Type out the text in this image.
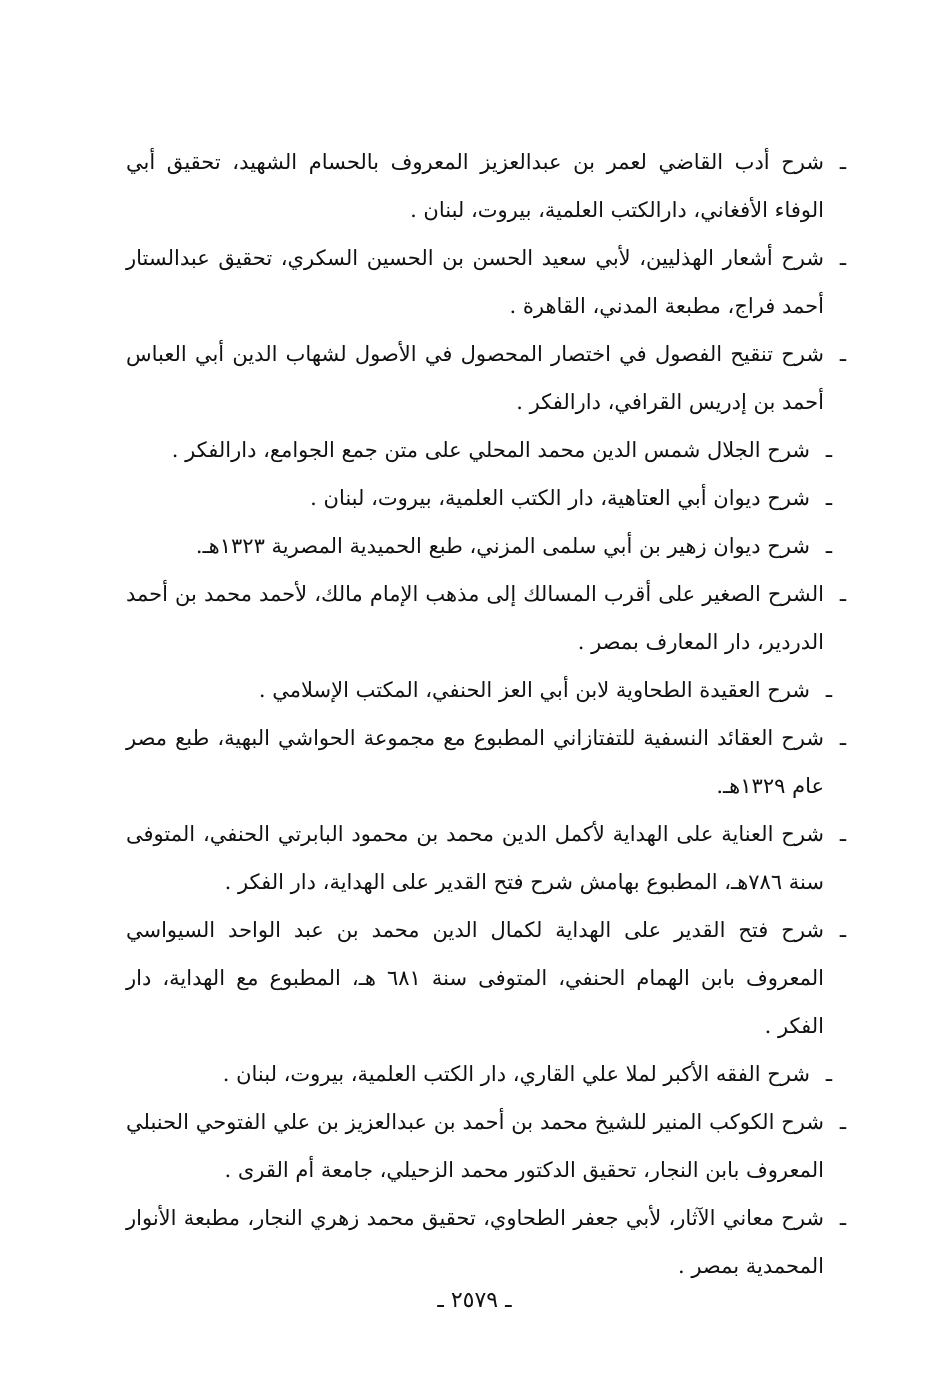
ـ شرح أدب القاضي لعمر بن عبدالعزيز المعروف بالحسام الشهيد، تحقيق أبي الوفاء الأفغاني، دارالكتب العلمية، بيروت، لبنان .
ـ شرح أشعار الهذليين، لأبي سعيد الحسن بن الحسين السكري، تحقيق عبدالستار أحمد فراج، مطبعة المدني، القاهرة .
ـ شرح تنقيح الفصول في اختصار المحصول في الأصول لشهاب الدين أبي العباس أحمد بن إدريس القرافي، دارالفكر .
ـ شرح الجلال شمس الدين محمد المحلي على متن جمع الجوامع، دارالفكر .
ـ شرح ديوان أبي العتاهية، دار الكتب العلمية، بيروت، لبنان .
ـ شرح ديوان زهير بن أبي سلمى المزني، طبع الحميدية المصرية ١٣٢٣هـ.
ـ الشرح الصغير على أقرب المسالك إلى مذهب الإمام مالك، لأحمد محمد بن أحمد الدردير، دار المعارف بمصر .
ـ شرح العقيدة الطحاوية لابن أبي العز الحنفي، المكتب الإسلامي .
ـ شرح العقائد النسفية للتفتازاني المطبوع مع مجموعة الحواشي البهية، طبع مصر عام ١٣٢٩هـ.
ـ شرح العناية على الهداية لأكمل الدين محمد بن محمود البابرتي الحنفي، المتوفى سنة ٧٨٦هـ، المطبوع بهامش شرح فتح القدير على الهداية، دار الفكر .
ـ شرح فتح القدير على الهداية لكمال الدين محمد بن عبد الواحد السيواسي المعروف بابن الهمام الحنفي، المتوفى سنة ٦٨١ هـ، المطبوع مع الهداية، دار الفكر .
ـ شرح الفقه الأكبر لملا علي القاري، دار الكتب العلمية، بيروت، لبنان .
ـ شرح الكوكب المنير للشيخ محمد بن أحمد بن عبدالعزيز بن علي الفتوحي الحنبلي المعروف بابن النجار، تحقيق الدكتور محمد الزحيلي، جامعة أم القرى .
ـ شرح معاني الآثار، لأبي جعفر الطحاوي، تحقيق محمد زهري النجار، مطبعة الأنوار المحمدية بمصر .
ـ ٢٥٧٩ ـ
